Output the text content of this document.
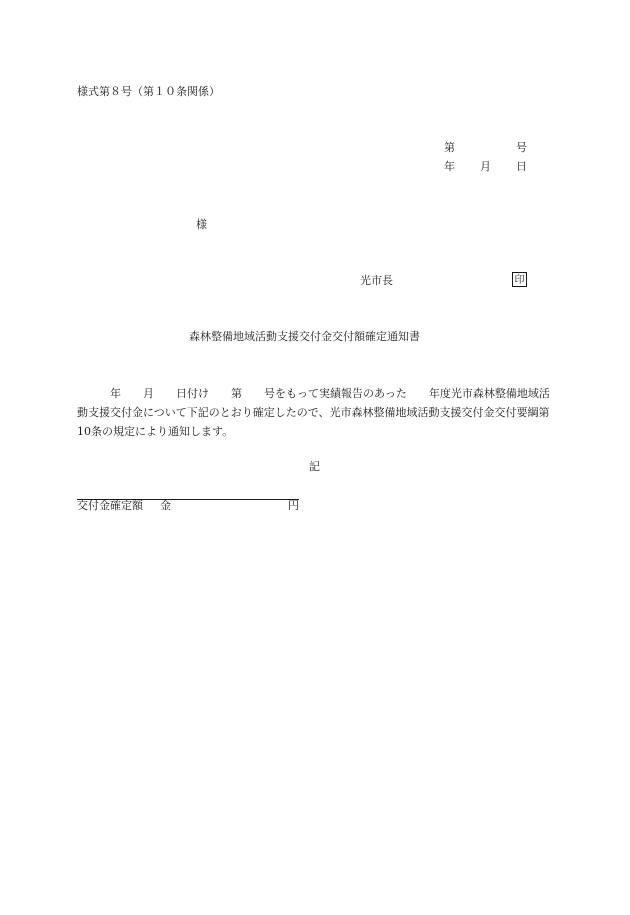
様式第８号（第１０条関係）
第	号
年 月 日
様
光市長	印
森林整備地域活動支援交付金交付額確定通知書
年　　月　　日付け　　第　　号をもって実績報告のあった　　年度光市森林整備地域活動支援交付金について下記のとおり確定したので、光市森林整備地域活動支援交付金交付要綱第10条の規定により通知します。
記
交付金確定額 金	円
